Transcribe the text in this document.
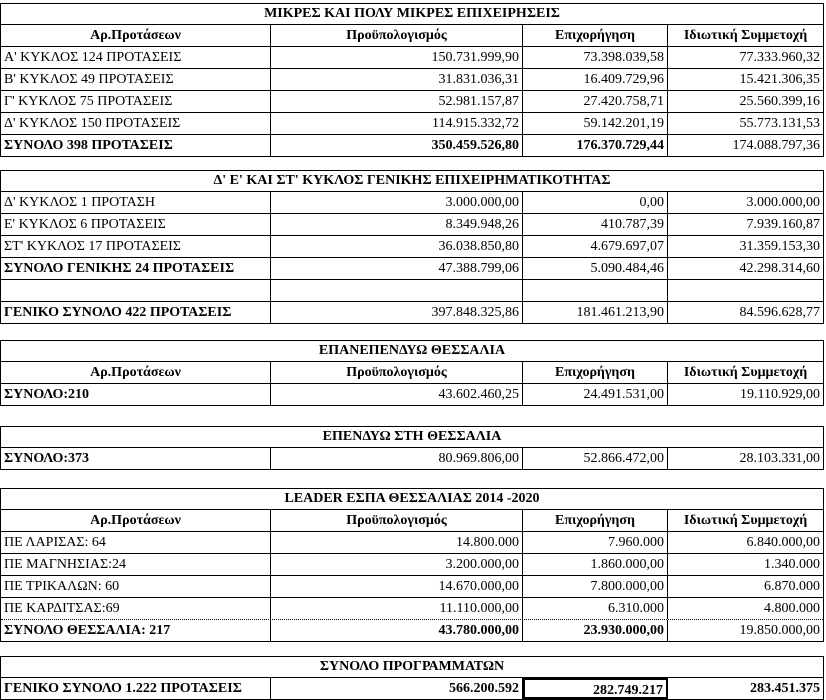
ΜΙΚΡΕΣ ΚΑΙ ΠΟΛΥ ΜΙΚΡΕΣ ΕΠΙΧΕΙΡΗΣΕΙΣ
Αρ.Προτάσεων	Προϋπολογισμός	Επιχορήγηση	Ιδιωτική Συμμετοχή
Α' ΚΥΚΛΟΣ 124 ΠΡΟΤΑΣΕΙΣ	150.731.999,90	73.398.039,58	77.333.960,32
Β' ΚΥΚΛΟΣ 49 ΠΡΟΤΑΣΕΙΣ	31.831.036,31	16.409.729,96	15.421.306,35
Γ' ΚΥΚΛΟΣ 75 ΠΡΟΤΑΣΕΙΣ	52.981.157,87	27.420.758,71	25.560.399,16
Δ' ΚΥΚΛΟΣ 150 ΠΡΟΤΑΣΕΙΣ	114.915.332,72	59.142.201,19	55.773.131,53
ΣΥΝΟΛΟ 398 ΠΡΟΤΑΣΕΙΣ	350.459.526,80	176.370.729,44	174.088.797,36
Δ' Ε' ΚΑΙ ΣΤ' ΚΥΚΛΟΣ ΓΕΝΙΚΗΣ ΕΠΙΧΕΙΡΗΜΑΤΙΚΟΤΗΤΑΣ
Δ' ΚΥΚΛΟΣ 1 ΠΡΟΤΑΣΗ	3.000.000,00	0,00	3.000.000,00
Ε' ΚΥΚΛΟΣ 6 ΠΡΟΤΑΣΕΙΣ	8.349.948,26	410.787,39	7.939.160,87
ΣΤ' ΚΥΚΛΟΣ 17 ΠΡΟΤΑΣΕΙΣ	36.038.850,80	4.679.697,07	31.359.153,30
ΣΥΝΟΛΟ ΓΕΝΙΚΗΣ 24 ΠΡΟΤΑΣΕΙΣ	47.388.799,06	5.090.484,46	42.298.314,60
ΓΕΝΙΚΟ ΣΥΝΟΛΟ 422 ΠΡΟΤΑΣΕΙΣ	397.848.325,86	181.461.213,90	84.596.628,77
ΕΠΑΝΕΠΕΝΔΥΩ ΘΕΣΣΑΛΙΑ
Αρ.Προτάσεων	Προϋπολογισμός	Επιχορήγηση	Ιδιωτική Συμμετοχή
ΣΥΝΟΛΟ:210	43.602.460,25	24.491.531,00	19.110.929,00
ΕΠΕΝΔΥΩ ΣΤΗ ΘΕΣΣΑΛΙΑ
ΣΥΝΟΛΟ:373	80.969.806,00	52.866.472,00	28.103.331,00
LEADER ΕΣΠΑ ΘΕΣΣΑΛΙΑΣ 2014 -2020
Αρ.Προτάσεων	Προϋπολογισμός	Επιχορήγηση	Ιδιωτική Συμμετοχή
ΠΕ ΛΑΡΙΣΑΣ: 64	14.800.000	7.960.000	6.840.000,00
ΠΕ ΜΑΓΝΗΣΙΑΣ:24	3.200.000,00	1.860.000,00	1.340.000
ΠΕ ΤΡΙΚΑΛΩΝ: 60	14.670.000,00	7.800.000,00	6.870.000
ΠΕ ΚΑΡΔΙΤΣΑΣ:69	11.110.000,00	6.310.000	4.800.000
ΣΥΝΟΛΟ ΘΕΣΣΑΛΙΑ: 217	43.780.000,00	23.930.000,00	19.850.000,00
ΣΥΝΟΛΟ ΠΡΟΓΡΑΜΜΑΤΩΝ
ΓΕΝΙΚΟ ΣΥΝΟΛΟ 1.222 ΠΡΟΤΑΣΕΙΣ	566.200.592	282.749.217	283.451.375
